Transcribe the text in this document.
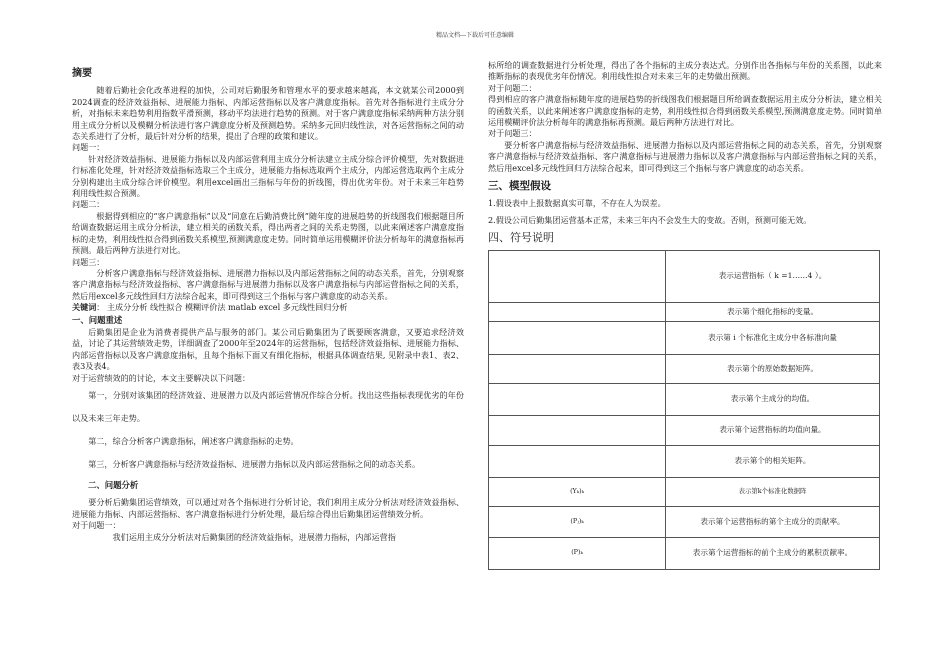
精品文档---下载后可任意编辑

摘要

随着后勤社会化改革进程的加快，公司对后勤服务和管理水平的要求越来越高，本文就某公司2000到2024调查的经济效益指标、进展能力指标、内部运营指标以及客户满意度指标。首先对各指标进行主成分分析，对指标未来趋势利用指数平滑预测，移动平均法进行趋势的预测。对于客户满意度指标采纳两种方法分别用主成分分析以及模糊分析法进行客户满意度分析及预测趋势。采纳多元回归线性法，对各运营指标之间的动态关系进行了分析，最后针对分析的结果，提出了合理的政策和建议。

问题一：

针对经济效益指标、进展能力指标以及内部运营利用主成分分析法建立主成分综合评价模型，先对数据进行标准化处理，针对经济效益指标选取三个主成分，进展能力指标选取两个主成分，内部运营选取两个主成分分别构建出主成分综合评价模型。利用excel画出三指标与年份的折线图，得出优劣年份。对于未来三年趋势利用线性拟合预测。

问题二：

根据得到相应的“客户满意指标”以及“同意在后勤消费比例”随年度的进展趋势的折线图我们根据题目所给调查数据运用主成分分析法，建立相关的函数关系，得出两者之间的关系走势图，以此来阐述客户满意度指标的走势，利用线性拟合得到函数关系模型,预测满意度走势。同时简单运用模糊评价法分析每年的满意指标再预测。最后两种方法进行对比。

问题三：

分析客户满意指标与经济效益指标、进展潜力指标以及内部运营指标之间的动态关系，首先，分别观察客户满意指标与经济效益指标、客户满意指标与进展潜力指标以及客户满意指标与内部运营指标之间的关系，然后用excel多元线性回归方法综合起来，即可得到这三个指标与客户满意度的动态关系。

关键词： 主成分分析 线性拟合 模糊评价法 matlab excel 多元线性回归分析

一、问题重述

后勤集团是企业为消费者提供产品与服务的部门。某公司后勤集团为了既要顾客满意，又要追求经济效益，讨论了其运营绩效走势，详细调查了2000年至2024年的运营指标，包括经济效益指标、进展能力指标、内部运营指标以及客户满意度指标，且每个指标下面又有细化指标，根据具体调查结果, 见附录中表1、表2、表3及表4。

对于运营绩效的的讨论，本文主要解决以下问题：

第一，分别对该集团的经济效益、进展潜力以及内部运营情况作综合分析。找出这些指标表现优劣的年份以及未来三年走势。

第二，综合分析客户满意指标，阐述客户满意指标的走势。

第三，分析客户满意指标与经济效益指标、进展潜力指标以及内部运营指标之间的动态关系。

二、问题分析

要分析后勤集团运营绩效，可以通过对各个指标进行分析讨论，我们利用主成分分析法对经济效益指标、进展能力指标、内部运营指标、客户满意指标进行分析处理，最后综合得出后勤集团运营绩效分析。

对于问题一：

我们运用主成分分析法对后勤集团的经济效益指标，进展潜力指标，内部运营指

标所给的调查数据进行分析处理，得出了各个指标的主成分表达式。分别作出各指标与年份的关系图，以此来推断指标的表现优劣年份情况。利用线性拟合对未来三年的走势做出预测。

对于问题二：

得到相应的客户满意指标随年度的进展趋势的折线图我们根据题目所给调查数据运用主成分分析法，建立相关的函数关系，以此来阐述客户满意度指标的走势，利用线性拟合得到函数关系模型,预测满意度走势。同时简单运用模糊评价法分析每年的满意指标再预测。最后两种方法进行对比。

对于问题三：

要分析客户满意指标与经济效益指标、进展潜力指标以及内部运营指标之间的动态关系，首先，分别观察客户满意指标与经济效益指标、客户满意指标与进展潜力指标以及客户满意指标与内部运营指标之间的关系，然后用excel多元线性回归方法综合起来，即可得到这三个指标与客户满意度的动态关系。

三、模型假设

1.假设表中上报数据真实可靠，不存在人为误差。

2.假设公司后勤集团运营基本正常，未来三年内不会发生大的变故。否则，预测可能无效。

四、符号说明

	表示运营指标（ k =1……4 ）。
	表示第个细化指标的变量。
	表示第 i 个标准化主成分中各标准向量
	表示第个的原始数据矩阵。
	表示第个主成分的均值。
	表示第个运营指标的均值向量。
	表示第个的相关矩阵。
(Yₖ)ₖ	表示第k个标准化数据阵
(Pⱼ)ₖ	表示第个运营指标的第个主成分的贡献率。
(P)ₖ	表示第个运营指标的前个主成分的累积贡献率。
